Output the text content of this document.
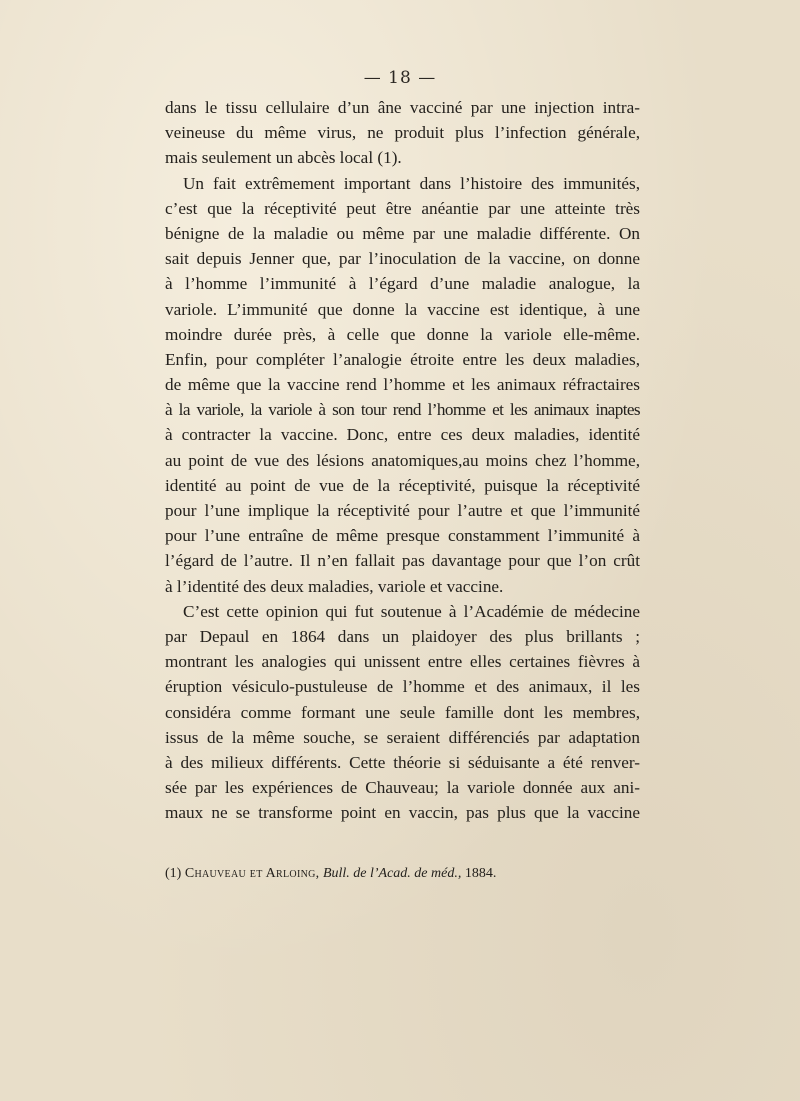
— 18 —
dans le tissu cellulaire d’un âne vacciné par une injection intra-
veineuse du même virus, ne produit plus l’infection générale,
mais seulement un abcès local (1).
Un fait extrêmement important dans l’histoire des immunités,
c’est que la réceptivité peut être anéantie par une atteinte très
bénigne de la maladie ou même par une maladie différente. On
sait depuis Jenner que, par l’inoculation de la vaccine, on donne
à l’homme l’immunité à l’égard d’une maladie analogue, la
variole. L’immunité que donne la vaccine est identique, à une
moindre durée près, à celle que donne la variole elle-même.
Enfin, pour compléter l’analogie étroite entre les deux maladies,
de même que la vaccine rend l’homme et les animaux réfractaires
à la variole, la variole à son tour rend l’homme et les animaux inaptes
à contracter la vaccine. Donc, entre ces deux maladies, identité
au point de vue des lésions anatomiques,au moins chez l’homme,
identité au point de vue de la réceptivité, puisque la réceptivité
pour l’une implique la réceptivité pour l’autre et que l’immunité
pour l’une entraîne de même presque constamment l’immunité à
l’égard de l’autre. Il n’en fallait pas davantage pour que l’on crût
à l’identité des deux maladies, variole et vaccine.
C’est cette opinion qui fut soutenue à l’Académie de médecine
par Depaul en 1864 dans un plaidoyer des plus brillants ;
montrant les analogies qui unissent entre elles certaines fièvres à
éruption vésiculo-pustuleuse de l’homme et des animaux, il les
considéra comme formant une seule famille dont les membres,
issus de la même souche, se seraient différenciés par adaptation
à des milieux différents. Cette théorie si séduisante a été renver-
sée par les expériences de Chauveau; la variole donnée aux ani-
maux ne se transforme point en vaccin, pas plus que la vaccine
(1) Chauveau et Arloing, Bull. de l’Acad. de méd., 1884.
